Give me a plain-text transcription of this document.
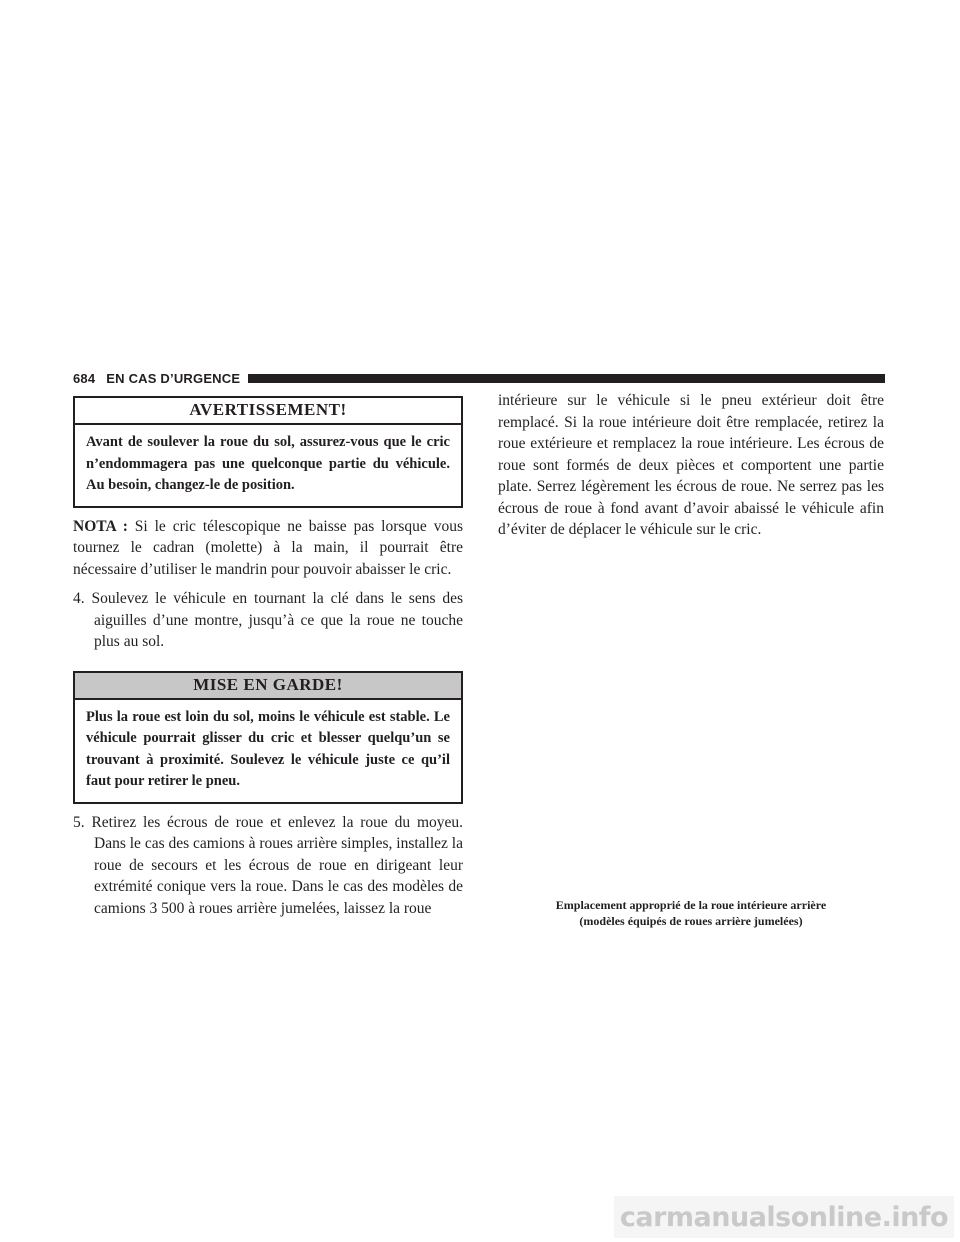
684 EN CAS D’URGENCE
AVERTISSEMENT!
Avant de soulever la roue du sol, assurez-vous que le cric n’endommagera pas une quelconque partie du véhicule. Au besoin, changez-le de position.

NOTA : Si le cric télescopique ne baisse pas lorsque vous tournez le cadran (molette) à la main, il pourrait être nécessaire d’utiliser le mandrin pour pouvoir abaisser le cric.

4. Soulevez le véhicule en tournant la clé dans le sens des aiguilles d’une montre, jusqu’à ce que la roue ne touche plus au sol.

MISE EN GARDE!
Plus la roue est loin du sol, moins le véhicule est stable. Le véhicule pourrait glisser du cric et blesser quelqu’un se trouvant à proximité. Soulevez le véhicule juste ce qu’il faut pour retirer le pneu.

5. Retirez les écrous de roue et enlevez la roue du moyeu. Dans le cas des camions à roues arrière simples, installez la roue de secours et les écrous de roue en dirigeant leur extrémité conique vers la roue. Dans le cas des modèles de camions 3 500 à roues arrière jumelées, laissez la roue

intérieure sur le véhicule si le pneu extérieur doit être remplacé. Si la roue intérieure doit être remplacée, retirez la roue extérieure et remplacez la roue intérieure. Les écrous de roue sont formés de deux pièces et comportent une partie plate. Serrez légèrement les écrous de roue. Ne serrez pas les écrous de roue à fond avant d’avoir abaissé le véhicule afin d’éviter de déplacer le véhicule sur le cric.

Emplacement approprié de la roue intérieure arrière
(modèles équipés de roues arrière jumelées)
carmanualsonline.info
